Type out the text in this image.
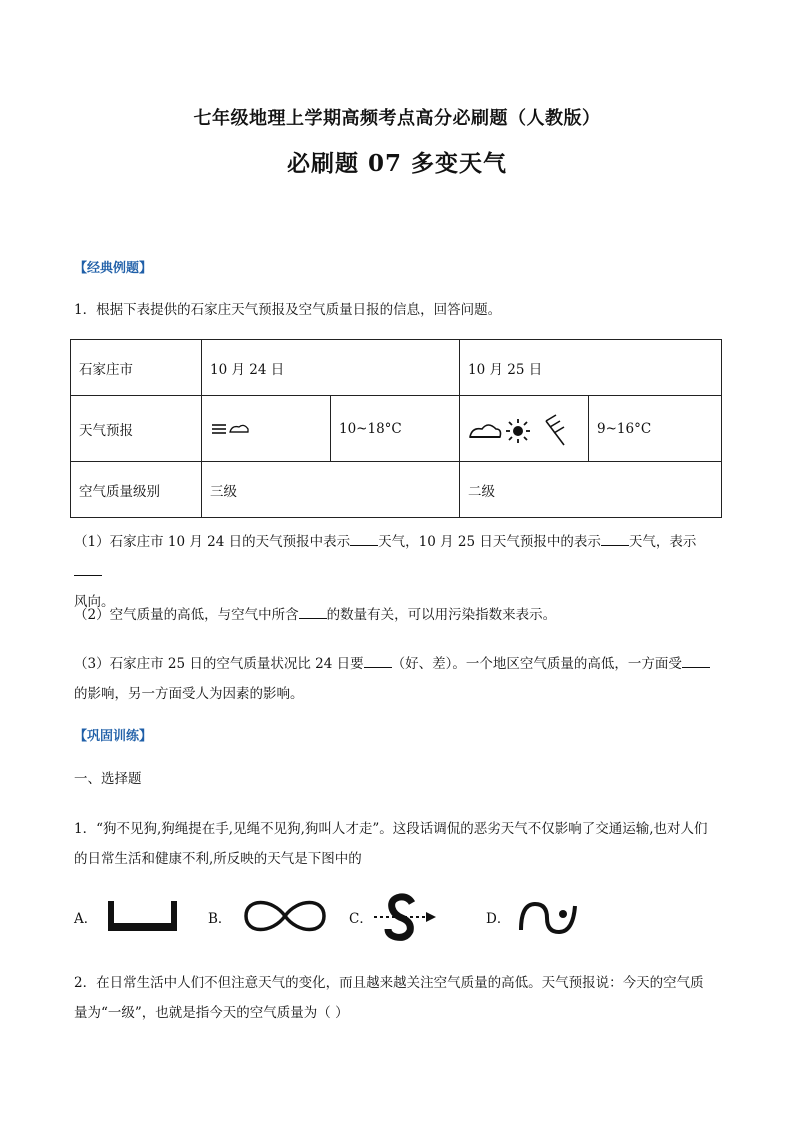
七年级地理上学期高频考点高分必刷题（人教版）
必刷题 07 多变天气
【经典例题】
1．根据下表提供的石家庄天气预报及空气质量日报的信息，回答问题。
石家庄市	10 月 24 日		10 月 25 日	
天气预报		10~18°C		9~16°C
空气质量级别	三级		二级	
（1）石家庄市 10 月 24 日的天气预报中表示 天气，10 月 25 日天气预报中的表示 天气，表示
风向。
（2）空气质量的高低，与空气中所含 的数量有关，可以用污染指数来表示。
（3）石家庄市 25 日的空气质量状况比 24 日要 （好、差）。一个地区空气质量的高低，一方面受
的影响，另一方面受人为因素的影响。
【巩固训练】
一、选择题
1．“狗不见狗,狗绳提在手,见绳不见狗,狗叫人才走”。这段话调侃的恶劣天气不仅影响了交通运输,也对人们
的日常生活和健康不利,所反映的天气是下图中的
A．	B．	C．	D．
2．在日常生活中人们不但注意天气的变化，而且越来越关注空气质量的高低。天气预报说：今天的空气质
量为“一级”，也就是指今天的空气质量为（ ）
